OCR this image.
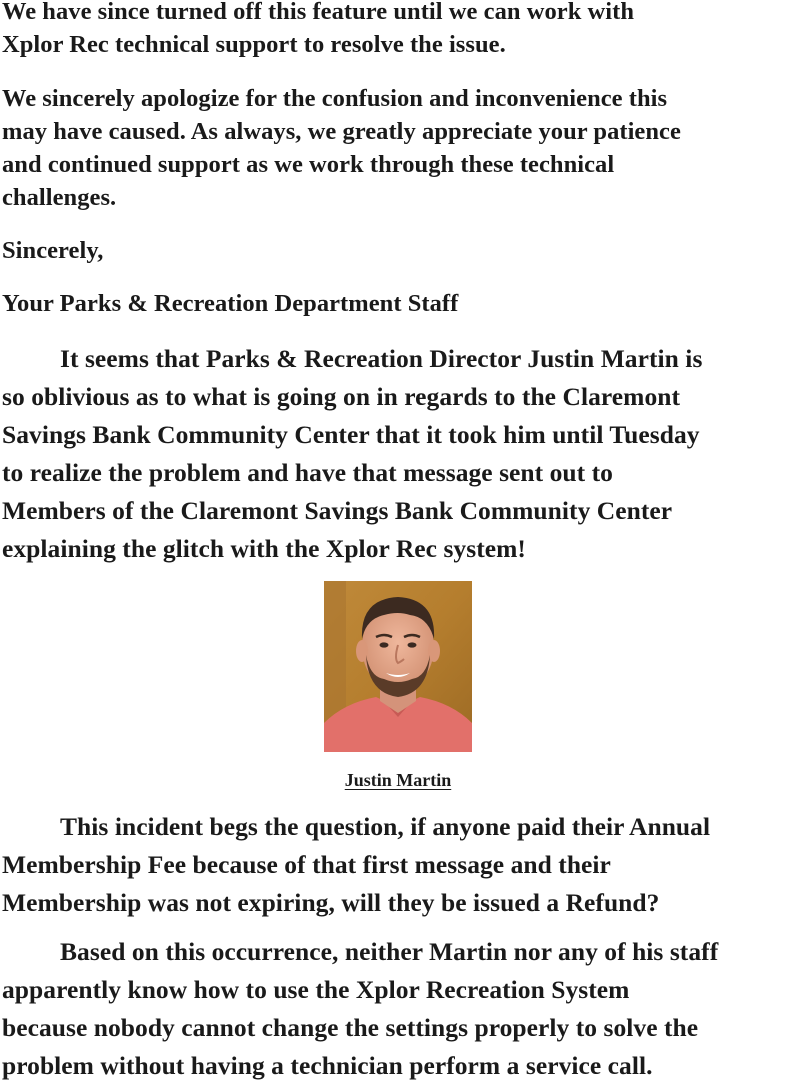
We have since turned off this feature until we can work with
Xplor Rec technical support to resolve the issue.

We sincerely apologize for the confusion and inconvenience this
may have caused. As always, we greatly appreciate your patience
and continued support as we work through these technical
challenges.

Sincerely,

Your Parks & Recreation Department Staff

It seems that Parks & Recreation Director Justin Martin is
so oblivious as to what is going on in regards to the Claremont
Savings Bank Community Center that it took him until Tuesday
to realize the problem and have that message sent out to
Members of the Claremont Savings Bank Community Center
explaining the glitch with the Xplor Rec system!

Justin Martin

This incident begs the question, if anyone paid their Annual
Membership Fee because of that first message and their
Membership was not expiring, will they be issued a Refund?

Based on this occurrence, neither Martin nor any of his staff
apparently know how to use the Xplor Recreation System
because nobody cannot change the settings properly to solve the
problem without having a technician perform a service call.
